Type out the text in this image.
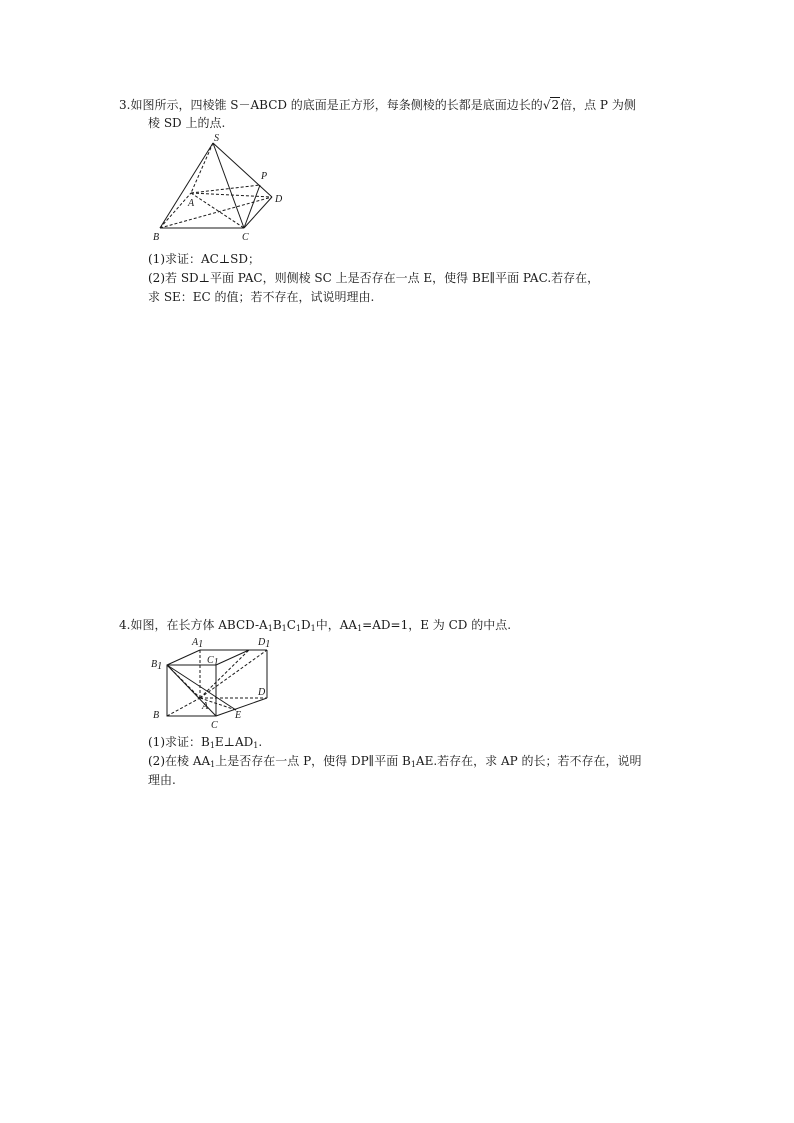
3.如图所示，四棱锥 S－ABCD 的底面是正方形，每条侧棱的长都是底面边长的√2倍，点 P 为侧
棱 SD 上的点.
S
P
A	D
B	C
(1)求证：AC⊥SD；
(2)若 SD⊥平面 PAC，则侧棱 SC 上是否存在一点 E，使得 BE∥平面 PAC.若存在，
求 SE：EC 的值；若不存在，试说明理由.
4.如图，在长方体 ABCD-$A_1B_1C_1D_1$中，$AA_1=AD=1$，E 为 CD 的中点.
A1	D1
B1
C1
D
A
E
B
C
(1)求证：$B_1E\perp AD_1$.
(2)在棱 $AA_1$上是否存在一点 P，使得 DP∥平面 $B_1AE$.若存在，求 AP 的长；若不存在，说明
理由.
